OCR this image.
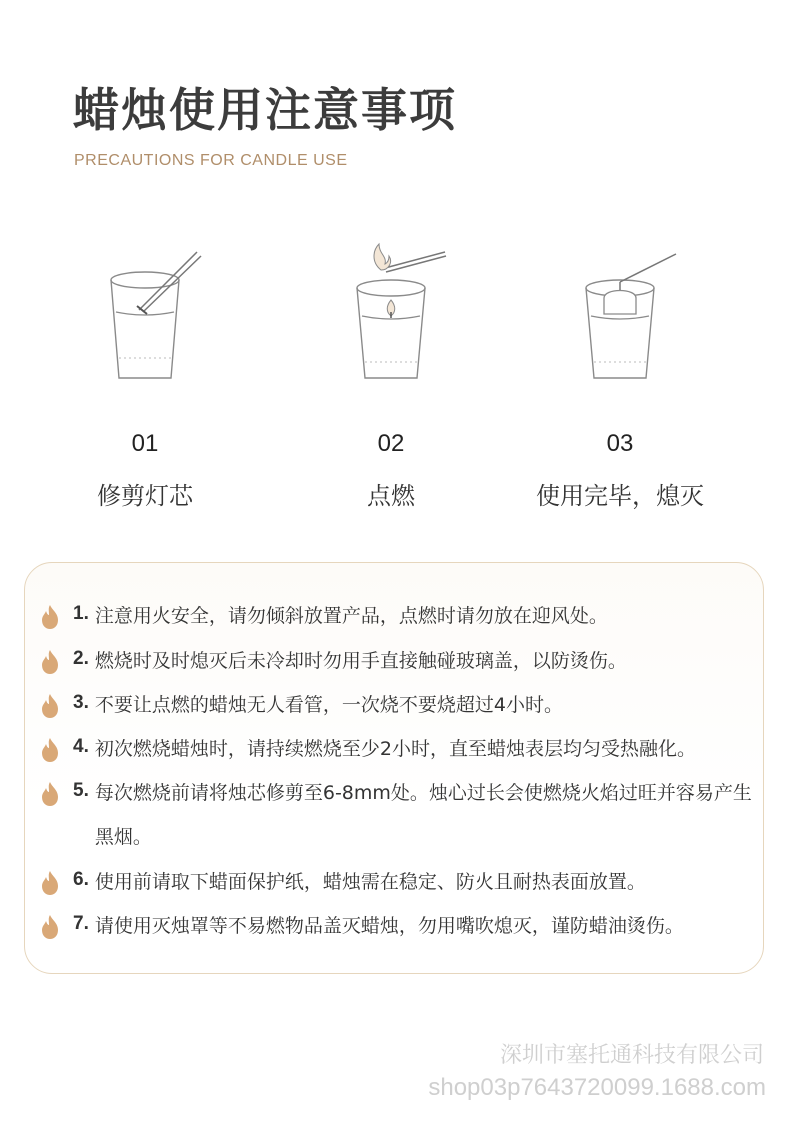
蜡烛使用注意事项
PRECAUTIONS FOR CANDLE USE
01
修剪灯芯
02
点燃
03
使用完毕，熄灭
1. 注意用火安全，请勿倾斜放置产品，点燃时请勿放在迎风处。
2. 燃烧时及时熄灭后未冷却时勿用手直接触碰玻璃盖，以防烫伤。
3. 不要让点燃的蜡烛无人看管，一次烧不要烧超过4小时。
4. 初次燃烧蜡烛时，请持续燃烧至少2小时，直至蜡烛表层均匀受热融化。
5. 每次燃烧前请将烛芯修剪至6-8mm处。烛心过长会使燃烧火焰过旺并容易产生黑烟。
6. 使用前请取下蜡面保护纸，蜡烛需在稳定、防火且耐热表面放置。
7. 请使用灭烛罩等不易燃物品盖灭蜡烛，勿用嘴吹熄灭，谨防蜡油烫伤。
深圳市塞托通科技有限公司
shop03p7643720099.1688.com
